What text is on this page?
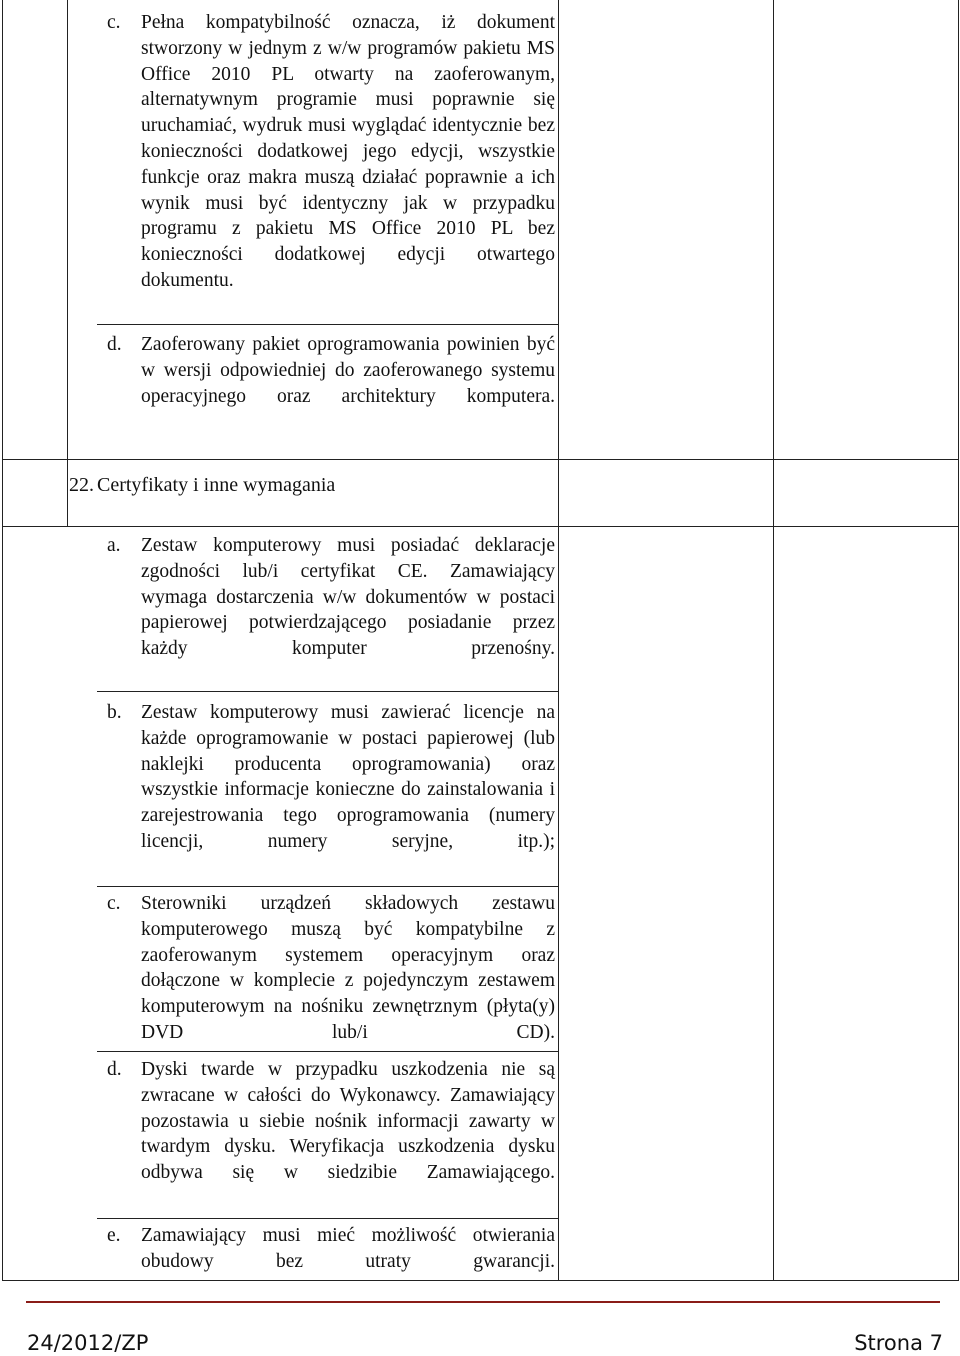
c. Pełna kompatybilność oznacza, iż dokument stworzony w jednym z w/w programów pakietu MS Office 2010 PL otwarty na zaoferowanym, alternatywnym programie musi poprawnie się uruchamiać, wydruk musi wyglądać identycznie bez konieczności dodatkowej jego edycji, wszystkie funkcje oraz makra muszą działać poprawnie a ich wynik musi być identyczny jak w przypadku programu z pakietu MS Office 2010 PL bez konieczności dodatkowej edycji otwartego dokumentu.
d. Zaoferowany pakiet oprogramowania powinien być w wersji odpowiedniej do zaoferowanego systemu operacyjnego oraz architektury komputera.
22. Certyfikaty i inne wymagania
a. Zestaw komputerowy musi posiadać deklaracje zgodności lub/i certyfikat CE. Zamawiający wymaga dostarczenia w/w dokumentów w postaci papierowej potwierdzającego posiadanie przez każdy komputer przenośny.
b. Zestaw komputerowy musi zawierać licencje na każde oprogramowanie w postaci papierowej (lub naklejki producenta oprogramowania) oraz wszystkie informacje konieczne do zainstalowania i zarejestrowania tego oprogramowania (numery licencji, numery seryjne, itp.);
c. Sterowniki urządzeń składowych zestawu komputerowego muszą być kompatybilne z zaoferowanym systemem operacyjnym oraz dołączone w komplecie z pojedynczym zestawem komputerowym na nośniku zewnętrznym (płyta(y) DVD lub/i CD).
d. Dyski twarde w przypadku uszkodzenia nie są zwracane w całości do Wykonawcy. Zamawiający pozostawia u siebie nośnik informacji zawarty w twardym dysku. Weryfikacja uszkodzenia dysku odbywa się w siedzibie Zamawiającego.
e. Zamawiający musi mieć możliwość otwierania obudowy bez utraty gwarancji.
24/2012/ZP	Strona 7
